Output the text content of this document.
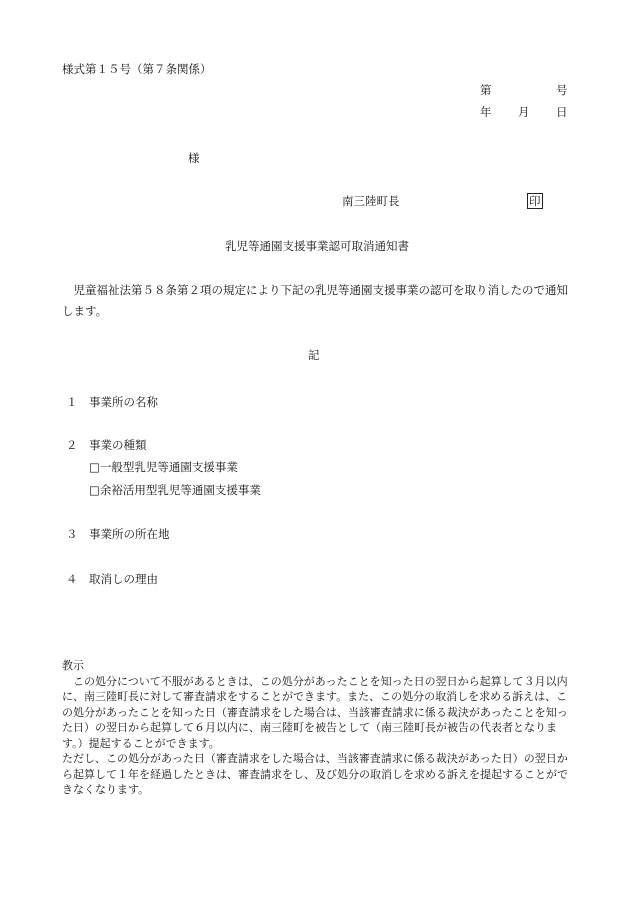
様式第１５号（第７条関係）
第	号
年 月 日
様
南三陸町長	印
乳児等通園支援事業認可取消通知書
児童福祉法第５８条第２項の規定により下記の乳児等通園支援事業の認可を取り消したので通知します。
記
１ 事業所の名称
２ 事業の種類
□一般型乳児等通園支援事業
□余裕活用型乳児等通園支援事業
３ 事業所の所在地
４ 取消しの理由

教示

この処分について不服があるときは、この処分があったことを知った日の翌日から起算して３月以内に、南三陸町長に対して審査請求をすることができます。また、この処分の取消しを求める訴えは、この処分があったことを知った日（審査請求をした場合は、当該審査請求に係る裁決があったことを知った日）の翌日から起算して６月以内に、南三陸町を被告として（南三陸町長が被告の代表者となります。）提起することができます。

ただし、この処分があった日（審査請求をした場合は、当該審査請求に係る裁決があった日）の翌日から起算して１年を経過したときは、審査請求をし、及び処分の取消しを求める訴えを提起することができなくなります。
